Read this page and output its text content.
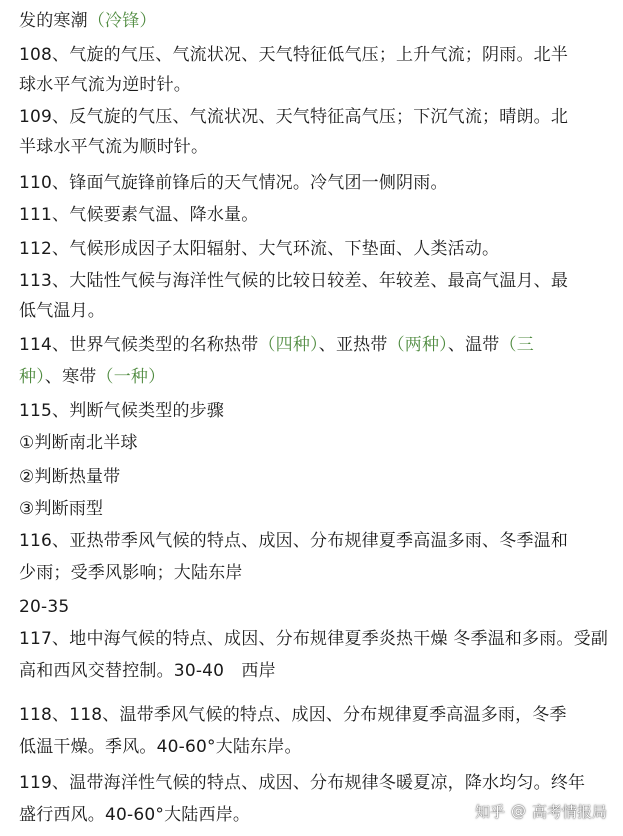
发的寒潮（冷锋）
108、气旋的气压、气流状况、天气特征低气压；上升气流；阴雨。北半
球水平气流为逆时针。
109、反气旋的气压、气流状况、天气特征高气压；下沉气流；晴朗。北
半球水平气流为顺时针。
110、锋面气旋锋前锋后的天气情况。冷气团一侧阴雨。
111、气候要素气温、降水量。
112、气候形成因子太阳辐射、大气环流、下垫面、人类活动。
113、大陆性气候与海洋性气候的比较日较差、年较差、最高气温月、最
低气温月。
114、世界气候类型的名称热带（四种）、亚热带（两种）、温带（三
种）、寒带（一种）
115、判断气候类型的步骤
①判断南北半球
②判断热量带
③判断雨型
116、亚热带季风气候的特点、成因、分布规律夏季高温多雨、冬季温和
少雨；受季风影响；大陆东岸
20-35
117、地中海气候的特点、成因、分布规律夏季炎热干燥 冬季温和多雨。受副
高和西风交替控制。30-40　西岸
118、118、温带季风气候的特点、成因、分布规律夏季高温多雨，冬季
低温干燥。季风。40-60°大陆东岸。
119、温带海洋性气候的特点、成因、分布规律冬暖夏凉，降水均匀。终年
盛行西风。40-60°大陆西岸。	知乎 @ 高考情报局
